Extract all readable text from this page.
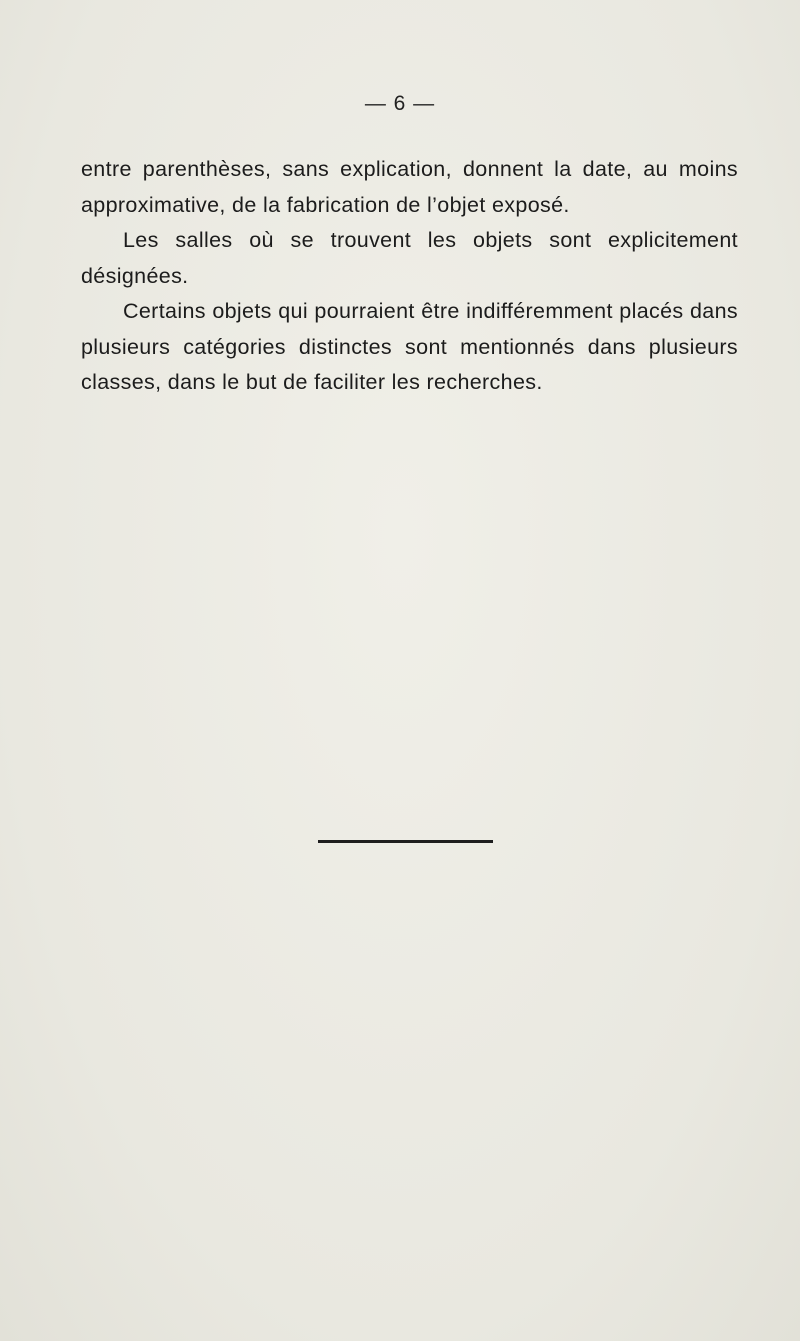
— 6 —

entre parenthèses, sans explication, donnent la date, au moins approximative, de la fabrication de l’objet exposé.

Les salles où se trouvent les objets sont explicitement désignées.

Certains objets qui pourraient être indifféremment placés dans plusieurs catégories distinctes sont mentionnés dans plusieurs classes, dans le but de faciliter les recherches.
